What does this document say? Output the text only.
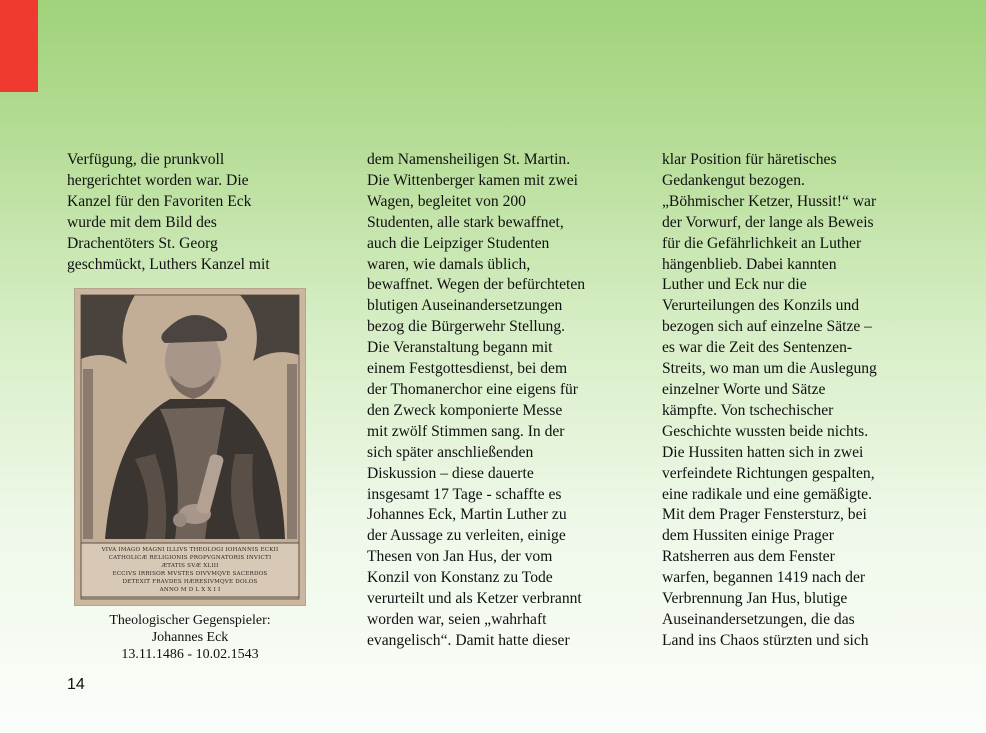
Verfügung, die prunkvoll
hergerichtet worden war. Die
Kanzel für den Favoriten Eck
wurde mit dem Bild des
Drachentöters St. Georg
geschmückt, Luthers Kanzel mit
dem Namensheiligen St. Martin.
Die Wittenberger kamen mit zwei
Wagen, begleitet von 200
Studenten, alle stark bewaffnet,
auch die Leipziger Studenten
waren, wie damals üblich,
bewaffnet. Wegen der befürchteten
blutigen Auseinandersetzungen
bezog die Bürgerwehr Stellung.
Die Veranstaltung begann mit
einem Festgottesdienst, bei dem
der Thomanerchor eine eigens für
den Zweck komponierte Messe
mit zwölf Stimmen sang. In der
sich später anschließenden
Diskussion – diese dauerte
insgesamt 17 Tage - schaffte es
Johannes Eck, Martin Luther zu
der Aussage zu verleiten, einige
Thesen von Jan Hus, der vom
Konzil von Konstanz zu Tode
verurteilt und als Ketzer verbrannt
worden war, seien „wahrhaft
evangelisch“. Damit hatte dieser
klar Position für häretisches
Gedankengut bezogen.
„Böhmischer Ketzer, Hussit!“ war
der Vorwurf, der lange als Beweis
für die Gefährlichkeit an Luther
hängenblieb. Dabei kannten
Luther und Eck nur die
Verurteilungen des Konzils und
bezogen sich auf einzelne Sätze –
es war die Zeit des Sentenzen-
Streits, wo man um die Auslegung
einzelner Worte und Sätze
kämpfte. Von tschechischer
Geschichte wussten beide nichts.
Die Hussiten hatten sich in zwei
verfeindete Richtungen gespalten,
eine radikale und eine gemäßigte.
Mit dem Prager Fenstersturz, bei
dem Hussiten einige Prager
Ratsherren aus dem Fenster
warfen, begannen 1419 nach der
Verbrennung Jan Hus, blutige
Auseinandersetzungen, die das
Land ins Chaos stürzten und sich
VIVA IMAGO MAGNI ILLIVS THEOLOGI IOHANNIS ECKII
CATHOLICÆ RELIGIONIS PROPVGNATORIS INVICTI
ÆTATIS SVÆ XLIII
ECCIVS IRRISOR MVSTES DIVVMQVE SACERDOS
DETEXIT FRAVDES HÆRESIVMQVE DOLOS
ANNO M D L X X I I
Theologischer Gegenspieler:
Johannes Eck
13.11.1486 - 10.02.1543
14
